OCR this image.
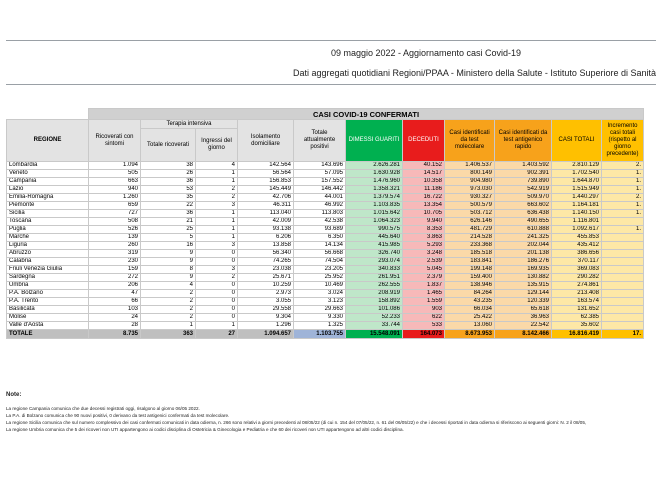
09 maggio 2022 - Aggiornamento casi Covid-19
Dati aggregati quotidiani Regioni/PPAA - Ministero della Salute - Istituto Superiore di Sanità
	CASI COVID-19 CONFERMATI										
REGIONE	Ricoverati con sintomi	Terapia intensiva		Isolamento domiciliare	Totale attualmente positivi	DIMESSI GUARITI	DECEDUTI	Casi identificati da test molecolare	Casi identificati da test antigenico rapido	CASI TOTALI	Incremento casi totali (rispetto al giorno precedente)
		Totale ricoverati	Ingressi del giorno								
Lombardia	1.094	38	4	142.564	143.696	2.626.281	40.152	1.406.537	1.403.592	2.810.129	2.
Veneto	505	26	1	56.564	57.095	1.630.928	14.517	800.149	902.391	1.702.540	1.
Campania	663	36	1	156.853	157.552	1.476.960	10.358	904.980	739.890	1.644.870	1.
Lazio	940	53	2	145.449	146.442	1.358.321	11.186	973.030	542.919	1.515.949	1.
Emilia-Romagna	1.260	35	2	42.706	44.001	1.379.574	16.722	930.327	509.970	1.440.297	2.
Piemonte	659	22	3	46.311	46.992	1.103.835	13.354	500.579	663.602	1.164.181	1.
Sicilia	727	36	1	113.040	113.803	1.015.642	10.705	503.712	636.438	1.140.150	1.
Toscana	508	21	1	42.009	42.538	1.064.323	9.940	626.146	490.655	1.116.801	
Puglia	526	25	1	93.138	93.689	990.575	8.353	481.729	610.888	1.092.617	1.
Marche	139	5	1	6.206	6.350	445.640	3.863	214.528	241.325	455.853	
Liguria	260	16	3	13.858	14.134	415.985	5.293	233.368	202.044	435.412	
Abruzzo	319	9	0	56.340	56.668	326.740	3.248	185.518	201.138	386.656	
Calabria	230	9	0	74.265	74.504	293.074	2.539	183.841	186.276	370.117	
Friuli Venezia Giulia	159	8	3	23.038	23.205	340.833	5.045	199.148	169.935	369.083	
Sardegna	272	9	2	25.671	25.952	261.951	2.379	159.400	130.882	290.282	
Umbria	206	4	0	10.259	10.469	262.555	1.837	138.946	135.915	274.861	
P.A. Bolzano	47	2	0	2.973	3.024	208.919	1.465	84.264	129.144	213.408	
P.A. Trento	66	2	0	3.055	3.123	158.892	1.559	43.235	120.339	163.574	
Basilicata	103	2	0	29.558	29.663	101.086	903	66.034	65.618	131.652	
Molise	24	2	0	9.304	9.330	52.233	622	25.422	36.963	62.385	
Valle d'Aosta	28	1	1	1.296	1.325	33.744	533	13.060	22.542	35.602	
TOTALE	8.735	363	27	1.094.657	1.103.755	15.548.091	164.073	8.673.953	8.142.466	16.816.419	17.
Note:
La regione Campania comunica che due decessi registrati oggi, risalgono al giorno 06/05 2022.
La P.A. di Bolzano comunica che 90 nuovi positivi, 0 derivano da test antigenici confermati da test molecolare.
La regione Sicilia comunica che sul numero complessivo dei casi confermati comunicati in data odierna, n. 266 sono relativi a giorni precedenti al 08/05/22 (di cui n. 154 del 07/05/22, n. 61 del 06/05/22) e che i decessi riportati in data odierna si riferiscono ai seguenti giorni: N. 2 il 08/05,
La regione Umbria comunica che 5 dei ricoveri non UTI appartengono ai codici disciplina di Ostetricia & Ginecologia e Pediatria e che 60 dei ricoveri non UTI appartengono ad altri codici disciplina.
